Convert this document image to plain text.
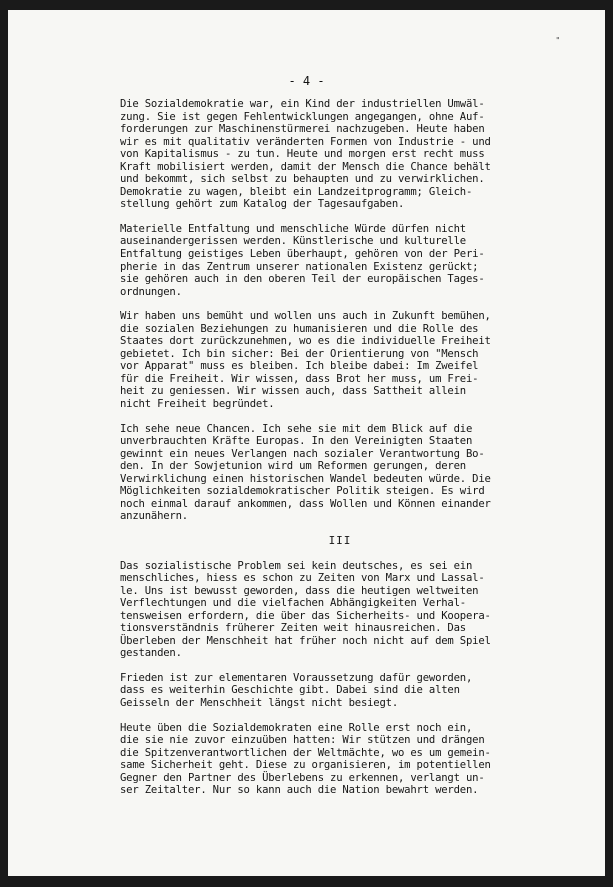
"
- 4 -
Die Sozialdemokratie war, ein Kind der industriellen Umwäl-
zung. Sie ist gegen Fehlentwicklungen angegangen, ohne Auf-
forderungen zur Maschinenstürmerei nachzugeben. Heute haben
wir es mit qualitativ veränderten Formen von Industrie - und
von Kapitalismus - zu tun. Heute und morgen erst recht muss
Kraft mobilisiert werden, damit der Mensch die Chance behält
und bekommt, sich selbst zu behaupten und zu verwirklichen.
Demokratie zu wagen, bleibt ein Landzeitprogramm; Gleich-
stellung gehört zum Katalog der Tagesaufgaben.
Materielle Entfaltung und menschliche Würde dürfen nicht
auseinandergerissen werden. Künstlerische und kulturelle
Entfaltung geistiges Leben überhaupt, gehören von der Peri-
pherie in das Zentrum unserer nationalen Existenz gerückt;
sie gehören auch in den oberen Teil der europäischen Tages-
ordnungen.
Wir haben uns bemüht und wollen uns auch in Zukunft bemühen,
die sozialen Beziehungen zu humanisieren und die Rolle des
Staates dort zurückzunehmen, wo es die individuelle Freiheit
gebietet. Ich bin sicher: Bei der Orientierung von "Mensch
vor Apparat" muss es bleiben. Ich bleibe dabei: Im Zweifel
für die Freiheit. Wir wissen, dass Brot her muss, um Frei-
heit zu geniessen. Wir wissen auch, dass Sattheit allein
nicht Freiheit begründet.
Ich sehe neue Chancen. Ich sehe sie mit dem Blick auf die
unverbrauchten Kräfte Europas. In den Vereinigten Staaten
gewinnt ein neues Verlangen nach sozialer Verantwortung Bo-
den. In der Sowjetunion wird um Reformen gerungen, deren
Verwirklichung einen historischen Wandel bedeuten würde. Die
Möglichkeiten sozialdemokratischer Politik steigen. Es wird
noch einmal darauf ankommen, dass Wollen und Können einander
anzunähern.
III
Das sozialistische Problem sei kein deutsches, es sei ein
menschliches, hiess es schon zu Zeiten von Marx und Lassal-
le. Uns ist bewusst geworden, dass die heutigen weltweiten
Verflechtungen und die vielfachen Abhängigkeiten Verhal-
tensweisen erfordern, die über das Sicherheits- und Kooperа-
tionsverständnis früherer Zeiten weit hinausreichen. Das
Überleben der Menschheit hat früher noch nicht auf dem Spiel
gestanden.
Frieden ist zur elementaren Voraussetzung dafür geworden,
dass es weiterhin Geschichte gibt. Dabei sind die alten
Geisseln der Menschheit längst nicht besiegt.
Heute üben die Sozialdemokraten eine Rolle erst noch ein,
die sie nie zuvor einzuüben hatten: Wir stützen und drängen
die Spitzenverantwortlichen der Weltmächte, wo es um gemein-
same Sicherheit geht. Diese zu organisieren, im potentiellen
Gegner den Partner des Überlebens zu erkennen, verlangt un-
ser Zeitalter. Nur so kann auch die Nation bewahrt werden.
